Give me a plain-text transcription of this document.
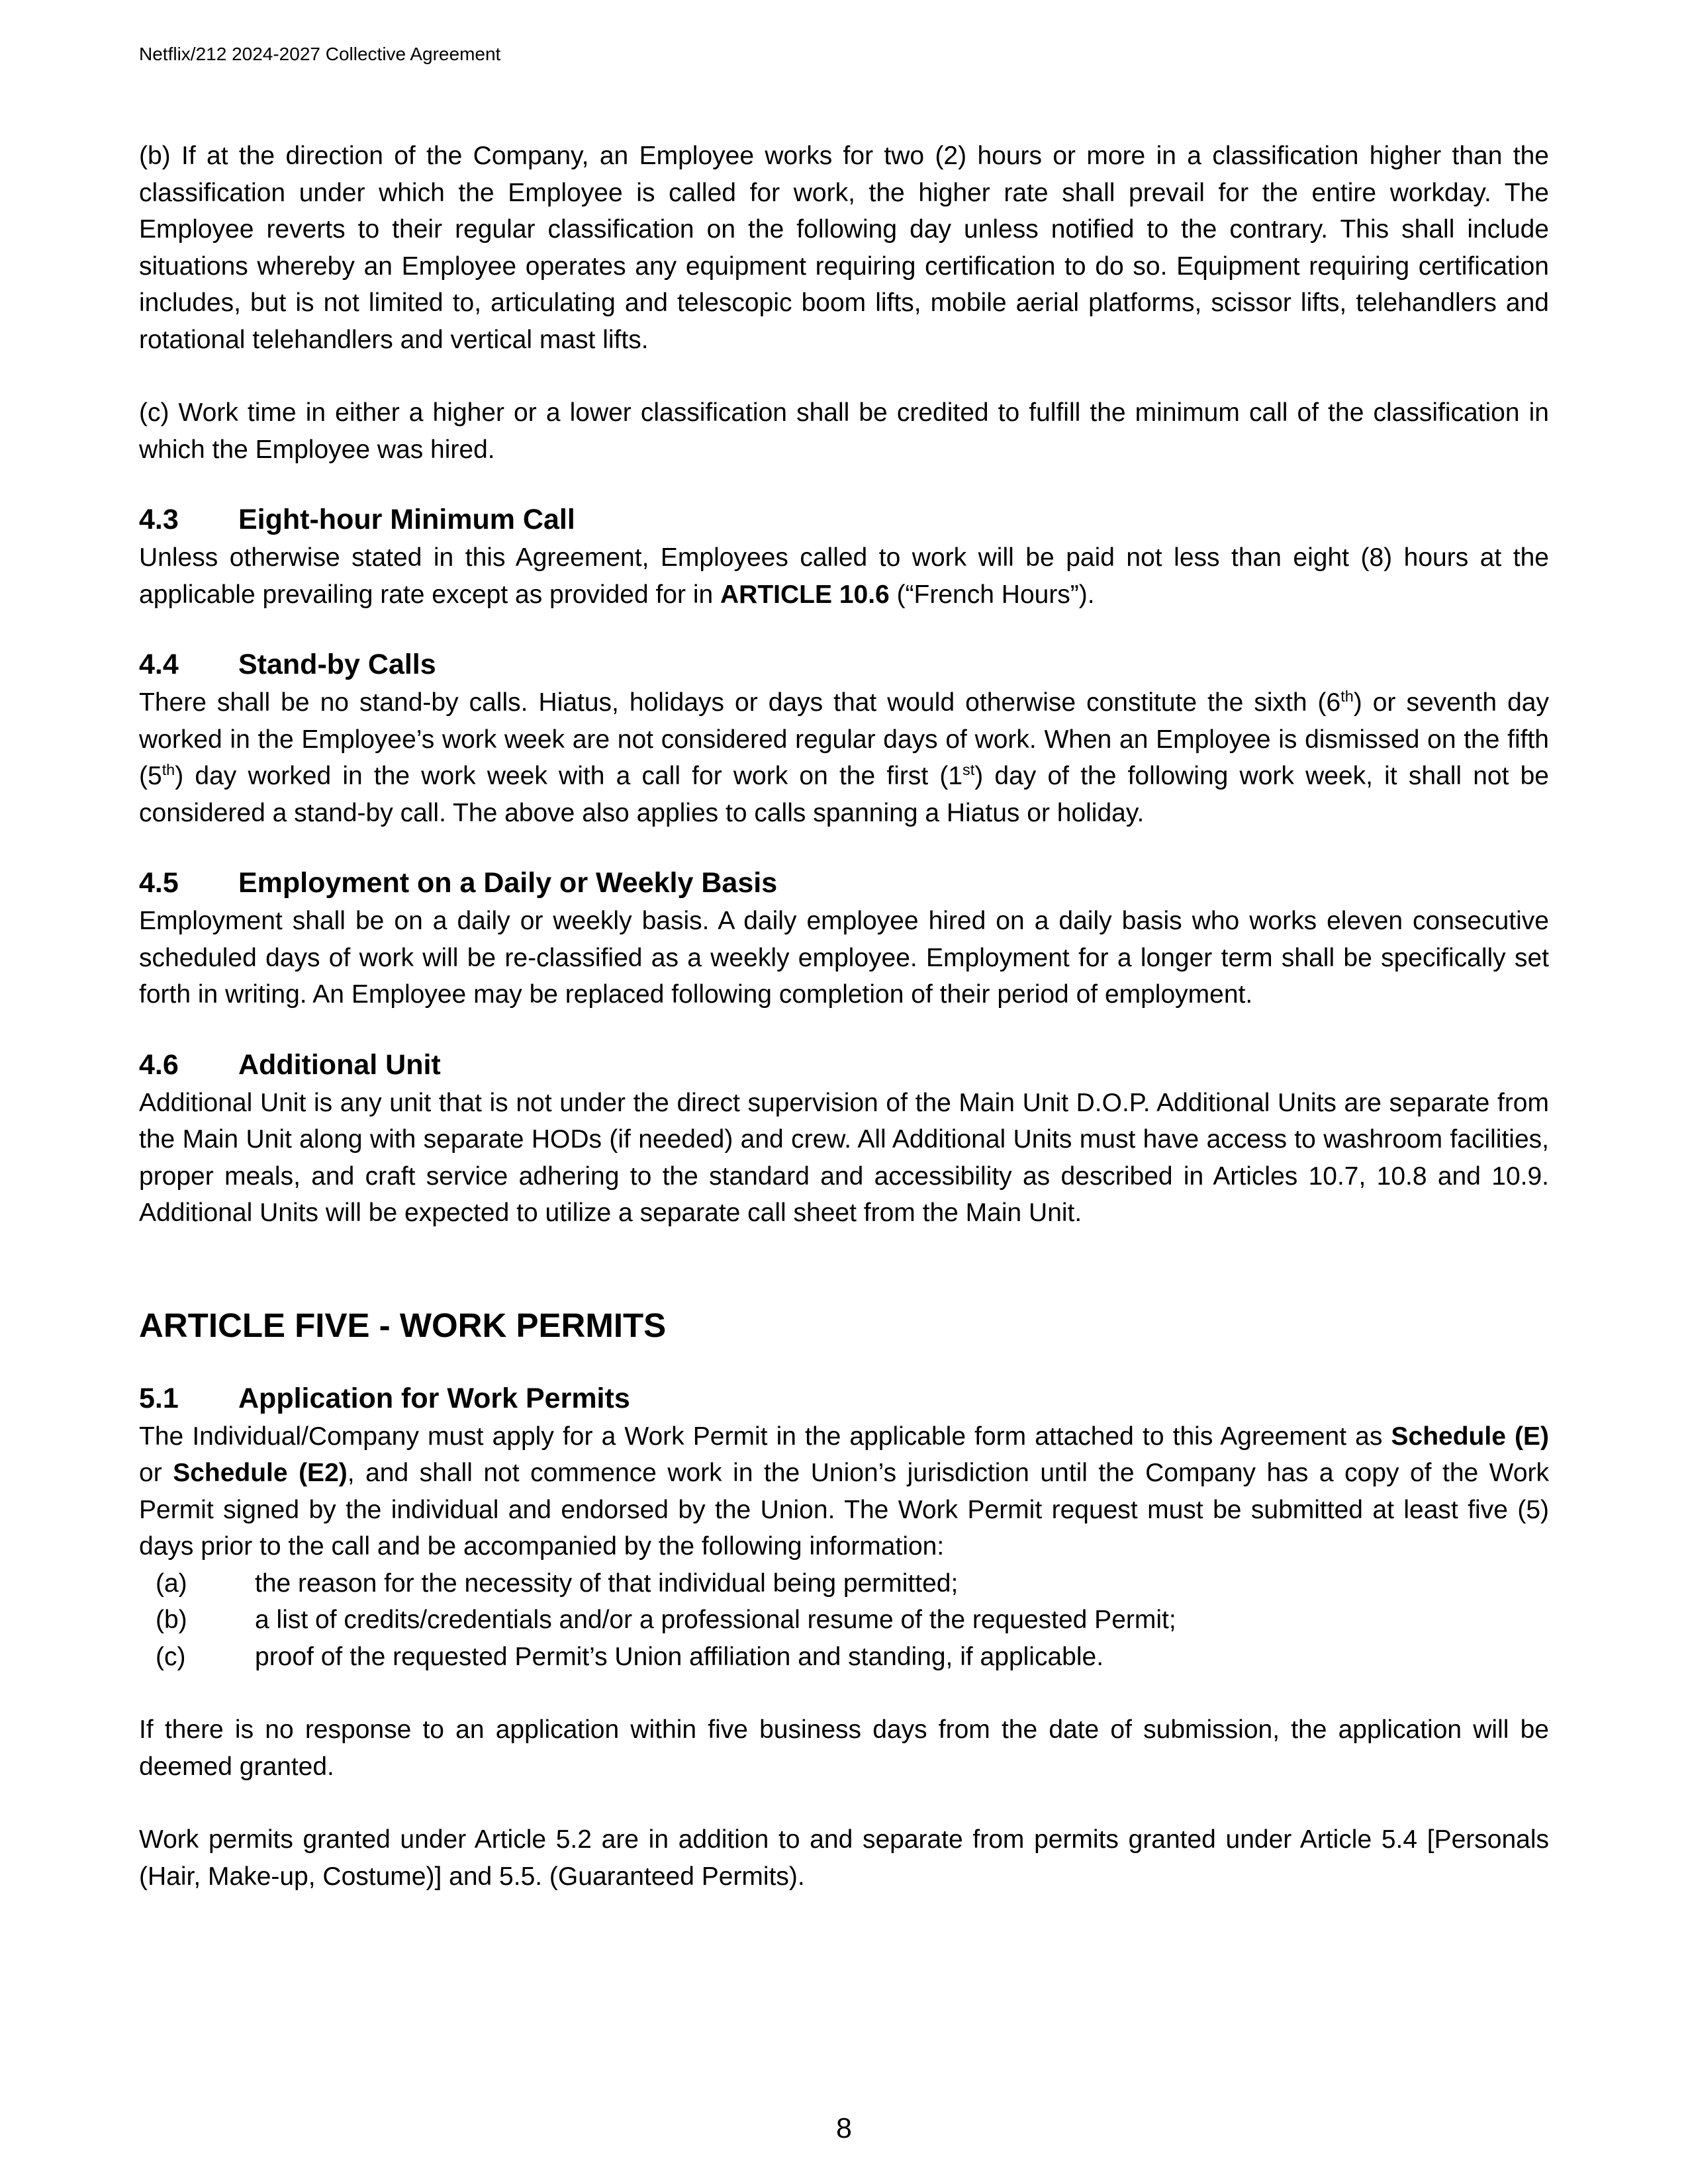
Netflix/212 2024-2027 Collective Agreement

(b) If at the direction of the Company, an Employee works for two (2) hours or more in a classification higher than the classification under which the Employee is called for work, the higher rate shall prevail for the entire workday. The Employee reverts to their regular classification on the following day unless notified to the contrary. This shall include situations whereby an Employee operates any equipment requiring certification to do so. Equipment requiring certification includes, but is not limited to, articulating and telescopic boom lifts, mobile aerial platforms, scissor lifts, telehandlers and rotational telehandlers and vertical mast lifts.

(c) Work time in either a higher or a lower classification shall be credited to fulfill the minimum call of the classification in which the Employee was hired.

4.3	Eight-hour Minimum Call

Unless otherwise stated in this Agreement, Employees called to work will be paid not less than eight (8) hours at the applicable prevailing rate except as provided for in ARTICLE 10.6 (“French Hours”).

4.4	Stand-by Calls

There shall be no stand-by calls. Hiatus, holidays or days that would otherwise constitute the sixth (6th) or seventh day worked in the Employee’s work week are not considered regular days of work. When an Employee is dismissed on the fifth (5th) day worked in the work week with a call for work on the first (1st) day of the following work week, it shall not be considered a stand-by call. The above also applies to calls spanning a Hiatus or holiday.

4.5	Employment on a Daily or Weekly Basis

Employment shall be on a daily or weekly basis. A daily employee hired on a daily basis who works eleven consecutive scheduled days of work will be re-classified as a weekly employee. Employment for a longer term shall be specifically set forth in writing. An Employee may be replaced following completion of their period of employment.

4.6	Additional Unit

Additional Unit is any unit that is not under the direct supervision of the Main Unit D.O.P. Additional Units are separate from the Main Unit along with separate HODs (if needed) and crew. All Additional Units must have access to washroom facilities, proper meals, and craft service adhering to the standard and accessibility as described in Articles 10.7, 10.8 and 10.9. Additional Units will be expected to utilize a separate call sheet from the Main Unit.

ARTICLE FIVE - WORK PERMITS
5.1	Application for Work Permits

The Individual/Company must apply for a Work Permit in the applicable form attached to this Agreement as Schedule (E) or Schedule (E2), and shall not commence work in the Union’s jurisdiction until the Company has a copy of the Work Permit signed by the individual and endorsed by the Union. The Work Permit request must be submitted at least five (5) days prior to the call and be accompanied by the following information:

(a)	the reason for the necessity of that individual being permitted;
(b)	a list of credits/credentials and/or a professional resume of the requested Permit;
(c)	proof of the requested Permit’s Union affiliation and standing, if applicable.

If there is no response to an application within five business days from the date of submission, the application will be deemed granted.

Work permits granted under Article 5.2 are in addition to and separate from permits granted under Article 5.4 [Personals (Hair, Make-up, Costume)] and 5.5. (Guaranteed Permits).

8
